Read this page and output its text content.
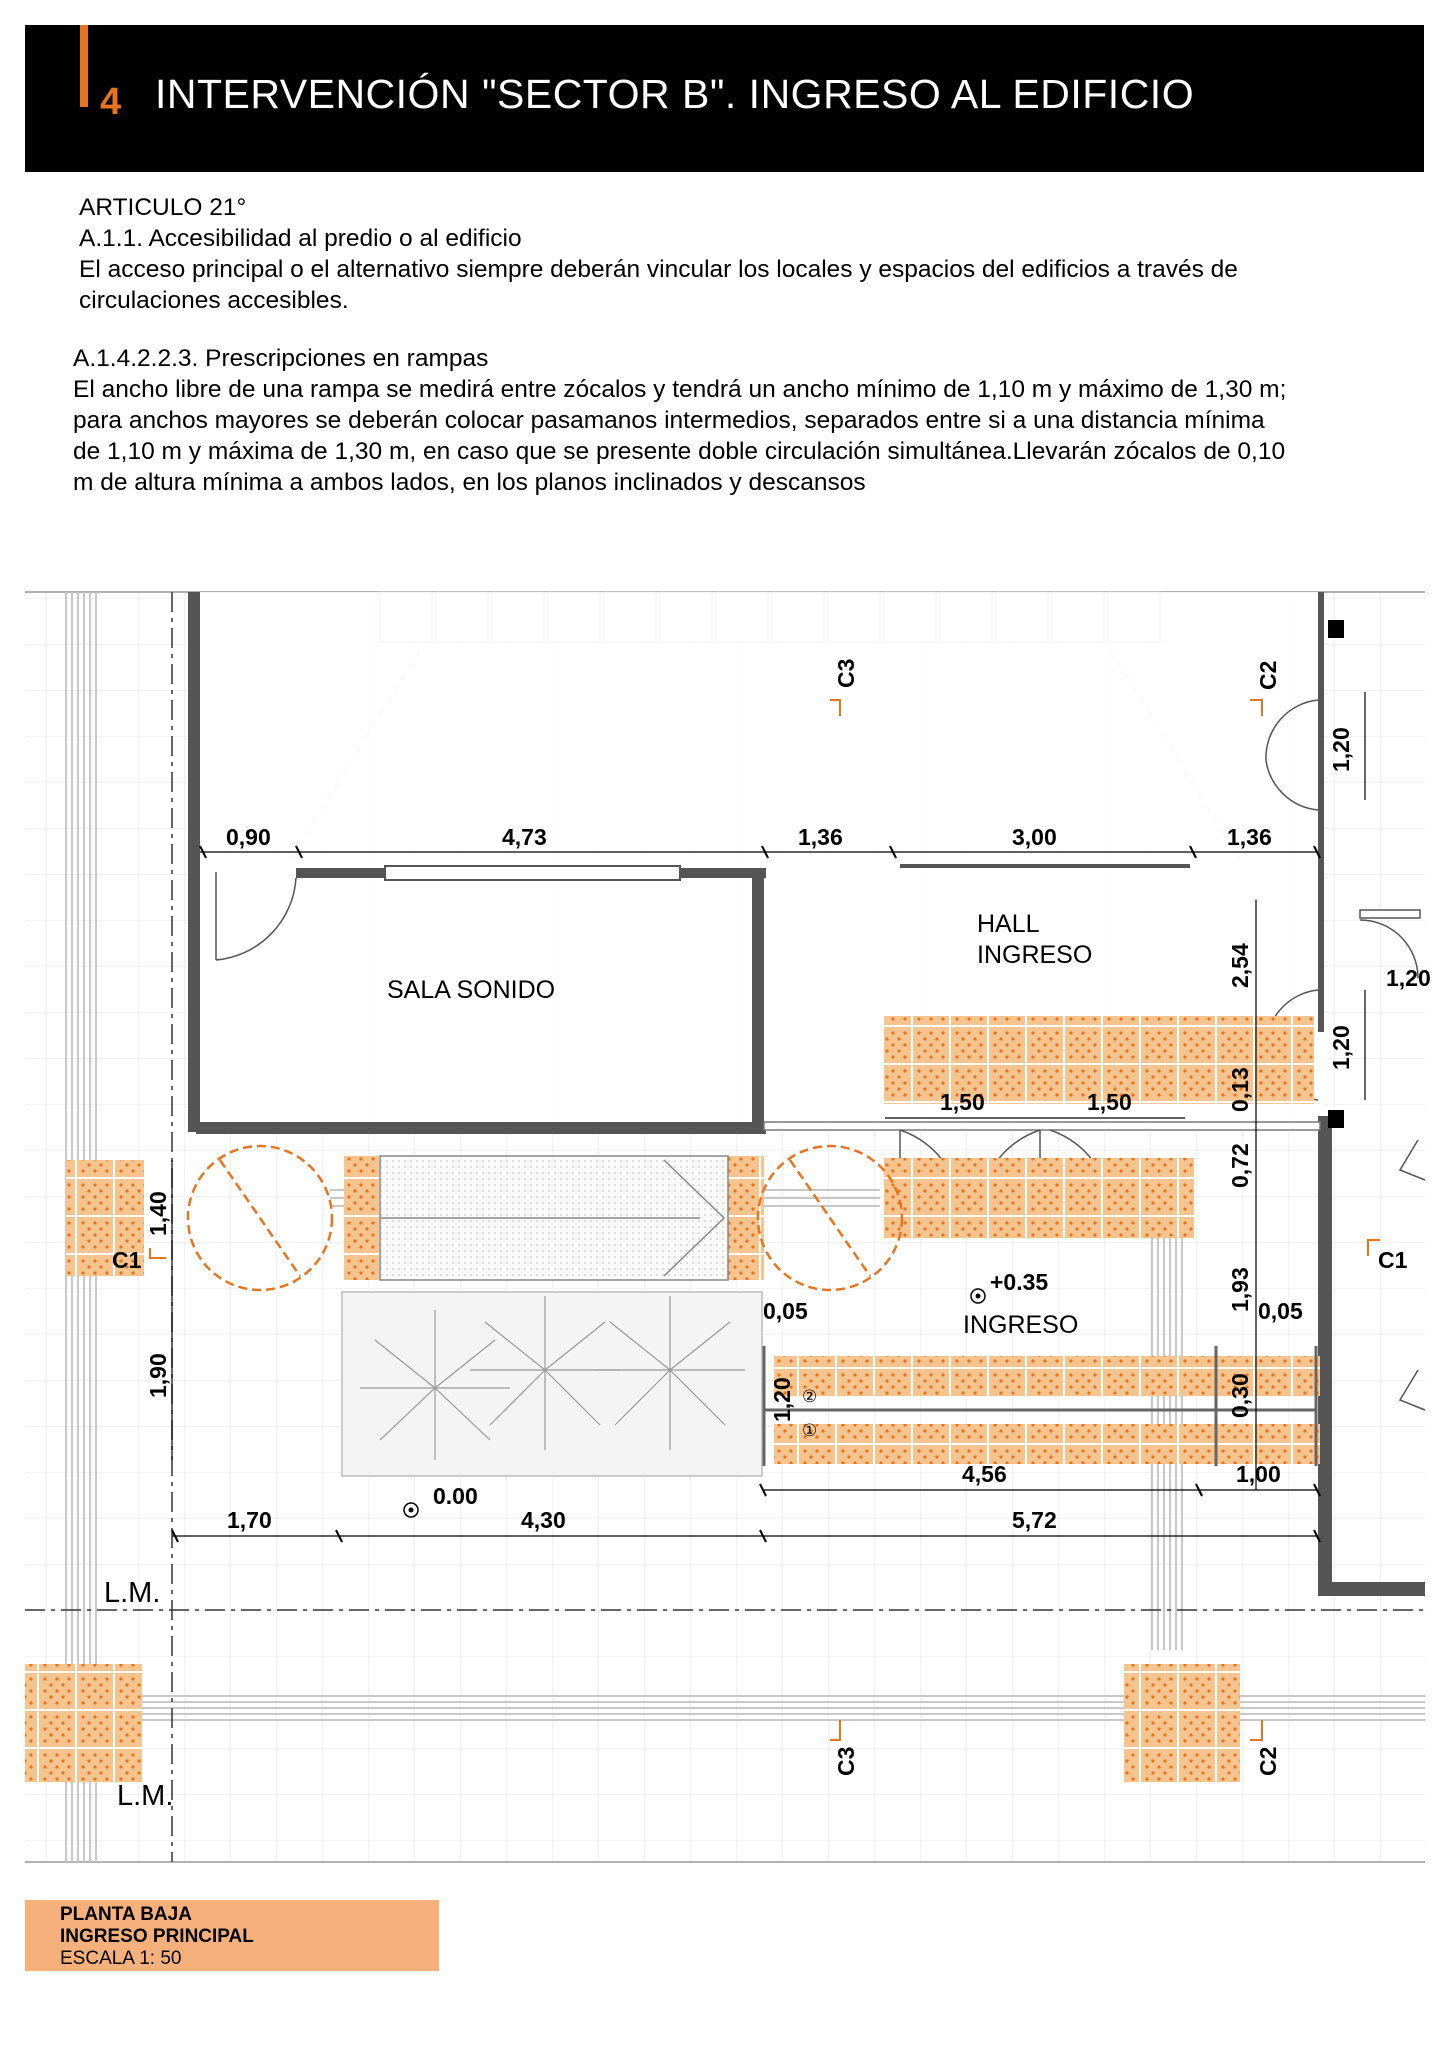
4 INTERVENCIÓN "SECTOR B". INGRESO AL EDIFICIO
ARTICULO 21°
A.1.1. Accesibilidad al predio o al edificio
El acceso principal o el alternativo siempre deberán vincular los locales y espacios del edificios a través de
circulaciones accesibles.
A.1.4.2.2.3. Prescripciones en rampas
El ancho libre de una rampa se medirá entre zócalos y tendrá un ancho mínimo de 1,10 m y máximo de 1,30 m;
para anchos mayores se deberán colocar pasamanos intermedios, separados entre si a una distancia mínima
de 1,10 m y máxima de 1,30 m, en caso que se presente doble circulación simultánea.Llevarán zócalos de 0,10
m de altura mínima a ambos lados, en los planos inclinados y descansos
SALA SONIDO
HALL
INGRESO
INGRESO
+0.35
0.00
L.M.
L.M.
0,90	4,73	1,36	3,00	1,36
1,50	1,50
1,20
0,05	0,05
4,56	1,00
1,70	4,30	5,72
1,20
2,54
1,20
0,13
0,72
1,93
1,40
1,90
1,20	0,30
C3	C2
C3	C2
C1	C1
②
①
PLANTA BAJA
INGRESO PRINCIPAL
ESCALA 1: 50
